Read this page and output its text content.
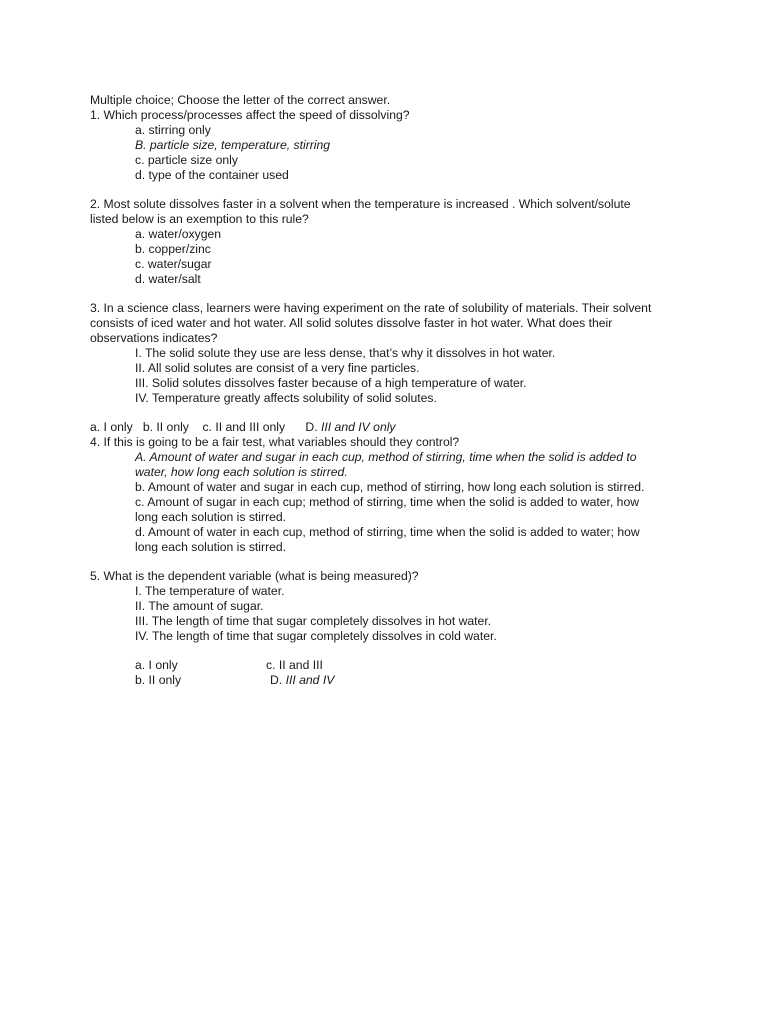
Multiple choice; Choose the letter of the correct answer.
1. Which process/processes affect the speed of dissolving?
a. stirring only
B. particle size, temperature, stirring
c. particle size only
d. type of the container used
2. Most solute dissolves faster in a solvent when the temperature is increased . Which solvent/solute
listed below is an exemption to this rule?
a. water/oxygen
b. copper/zinc
c. water/sugar
d. water/salt
3. In a science class, learners were having experiment on the rate of solubility of materials. Their solvent
consists of iced water and hot water. All solid solutes dissolve faster in hot water. What does their
observations indicates?
I. The solid solute they use are less dense, that’s why it dissolves in hot water.
II. All solid solutes are consist of a very fine particles.
III. Solid solutes dissolves faster because of a high temperature of water.
IV. Temperature greatly affects solubility of solid solutes.
a. I only   b. II only    c. II and III only      D. III and IV only
4. If this is going to be a fair test, what variables should they control?
A. Amount of water and sugar in each cup, method of stirring, time when the solid is added to
water, how long each solution is stirred.
b. Amount of water and sugar in each cup, method of stirring, how long each solution is stirred.
c. Amount of sugar in each cup; method of stirring, time when the solid is added to water, how
long each solution is stirred.
d. Amount of water in each cup, method of stirring, time when the solid is added to water; how
long each solution is stirred.
5. What is the dependent variable (what is being measured)?
I. The temperature of water.
II. The amount of sugar.
III. The length of time that sugar completely dissolves in hot water.
IV. The length of time that sugar completely dissolves in cold water.
a. I only	c. II and III
b. II only	D. III and IV
